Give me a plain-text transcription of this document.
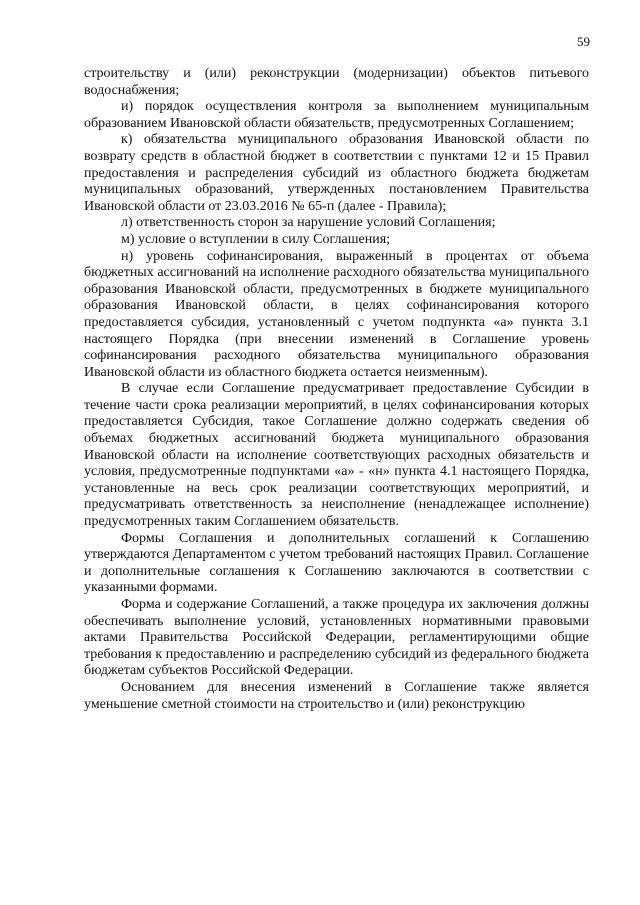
59

строительству и (или) реконструкции (модернизации) объектов питьевого водоснабжения;

и) порядок осуществления контроля за выполнением муниципальным образованием Ивановской области обязательств, предусмотренных Соглашением;

к) обязательства муниципального образования Ивановской области по возврату средств в областной бюджет в соответствии с пунктами 12 и 15 Правил предоставления и распределения субсидий из областного бюджета бюджетам муниципальных образований, утвержденных постановлением Правительства Ивановской области от 23.03.2016 № 65-п (далее - Правила);

л) ответственность сторон за нарушение условий Соглашения;

м) условие о вступлении в силу Соглашения;

н) уровень софинансирования, выраженный в процентах от объема бюджетных ассигнований на исполнение расходного обязательства муниципального образования Ивановской области, предусмотренных в бюджете муниципального образования Ивановской области, в целях софинансирования которого предоставляется субсидия, установленный с учетом подпункта «а» пункта 3.1 настоящего Порядка (при внесении изменений в Соглашение уровень софинансирования расходного обязательства муниципального образования Ивановской области из областного бюджета остается неизменным).

В случае если Соглашение предусматривает предоставление Субсидии в течение части срока реализации мероприятий, в целях софинансирования которых предоставляется Субсидия, такое Соглашение должно содержать сведения об объемах бюджетных ассигнований бюджета муниципального образования Ивановской области на исполнение соответствующих расходных обязательств и условия, предусмотренные подпунктами «а» - «н» пункта 4.1 настоящего Порядка, установленные на весь срок реализации соответствующих мероприятий, и предусматривать ответственность за неисполнение (ненадлежащее исполнение) предусмотренных таким Соглашением обязательств.

Формы Соглашения и дополнительных соглашений к Соглашению утверждаются Департаментом с учетом требований настоящих Правил. Соглашение и дополнительные соглашения к Соглашению заключаются в соответствии с указанными формами.

Форма и содержание Соглашений, а также процедура их заключения должны обеспечивать выполнение условий, установленных нормативными правовыми актами Правительства Российской Федерации, регламентирующими общие требования к предоставлению и распределению субсидий из федерального бюджета бюджетам субъектов Российской Федерации.

Основанием для внесения изменений в Соглашение также является уменьшение сметной стоимости на строительство и (или) реконструкцию
